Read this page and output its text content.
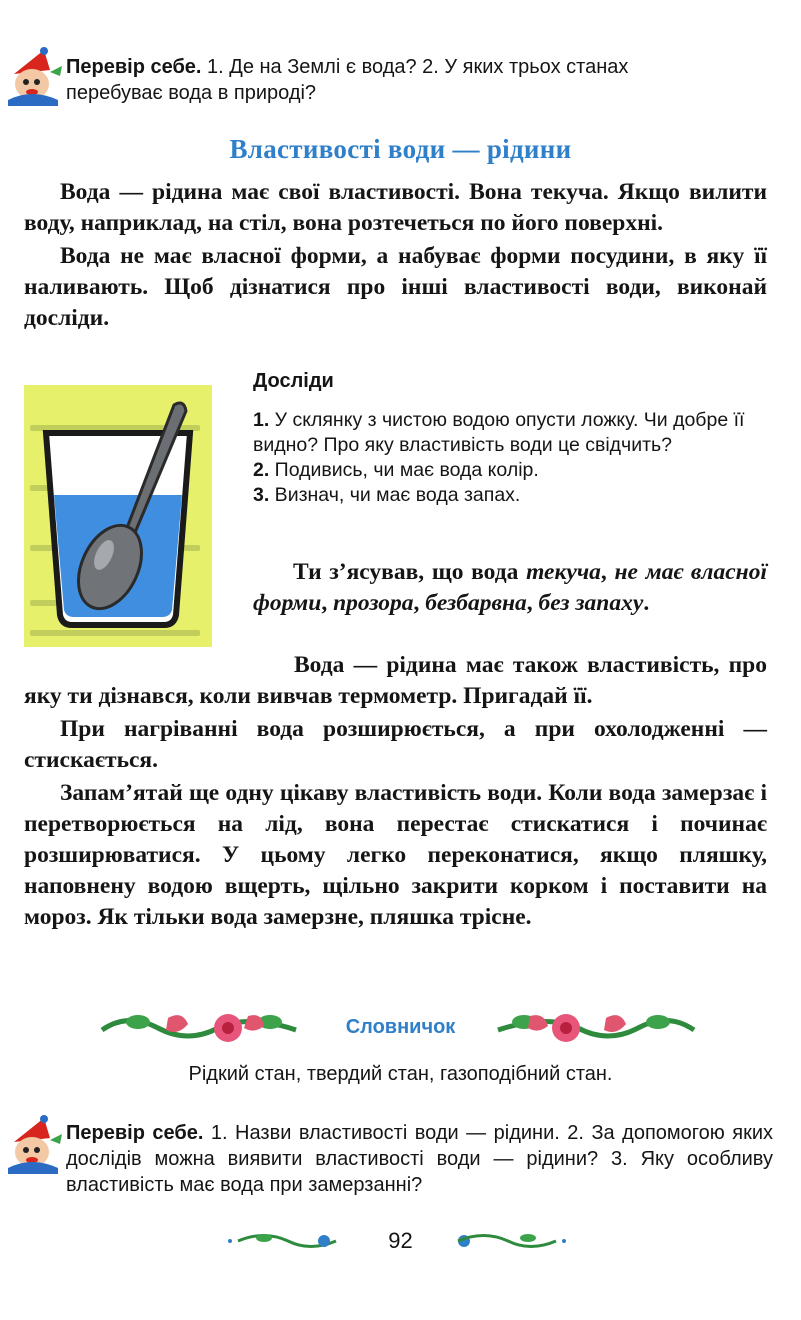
Перевір себе. 1. Де на Землі є вода? 2. У яких трьох станах
перебуває вода в природі?
Властивості води — рідини

Вода — рідина має свої властивості. Вона текуча. Якщо вилити воду, наприклад, на стіл, вона розтечеться по його поверхні.

Вода не має власної форми, а набуває форми посудини, в яку її наливають. Щоб дізнатися про інші властивості води, виконай досліди.

Досліди
1. У склянку з чистою водою опусти ложку. Чи добре її видно? Про яку властивість води це свідчить?
2. Подивись, чи має вода колір.
3. Визнач, чи має вода запах.

Ти з’ясував, що вода текуча, не має власної форми, прозора, безбарвна, без запаху.

Вода — рідина має також властивість, про яку ти дізнався, коли вивчав термометр. Пригадай її.

При нагріванні вода розширюється, а при охолодженні — стискається.

Запам’ятай ще одну цікаву властивість води. Коли вода замерзає і перетворюється на лід, вона перестає стискатися і починає розширюватися. У цьому легко переконатися, якщо пляшку, наповнену водою вщерть, щільно закрити корком і поставити на мороз. Як тільки вода замерзне, пляшка трісне.

Словничок
Рідкий стан, твердий стан, газоподібний стан.
Перевір себе. 1. Назви властивості води — рідини. 2. За допомогою яких дослідів можна виявити властивості води — рідини? 3. Яку особливу властивість має вода при замерзанні?
92
